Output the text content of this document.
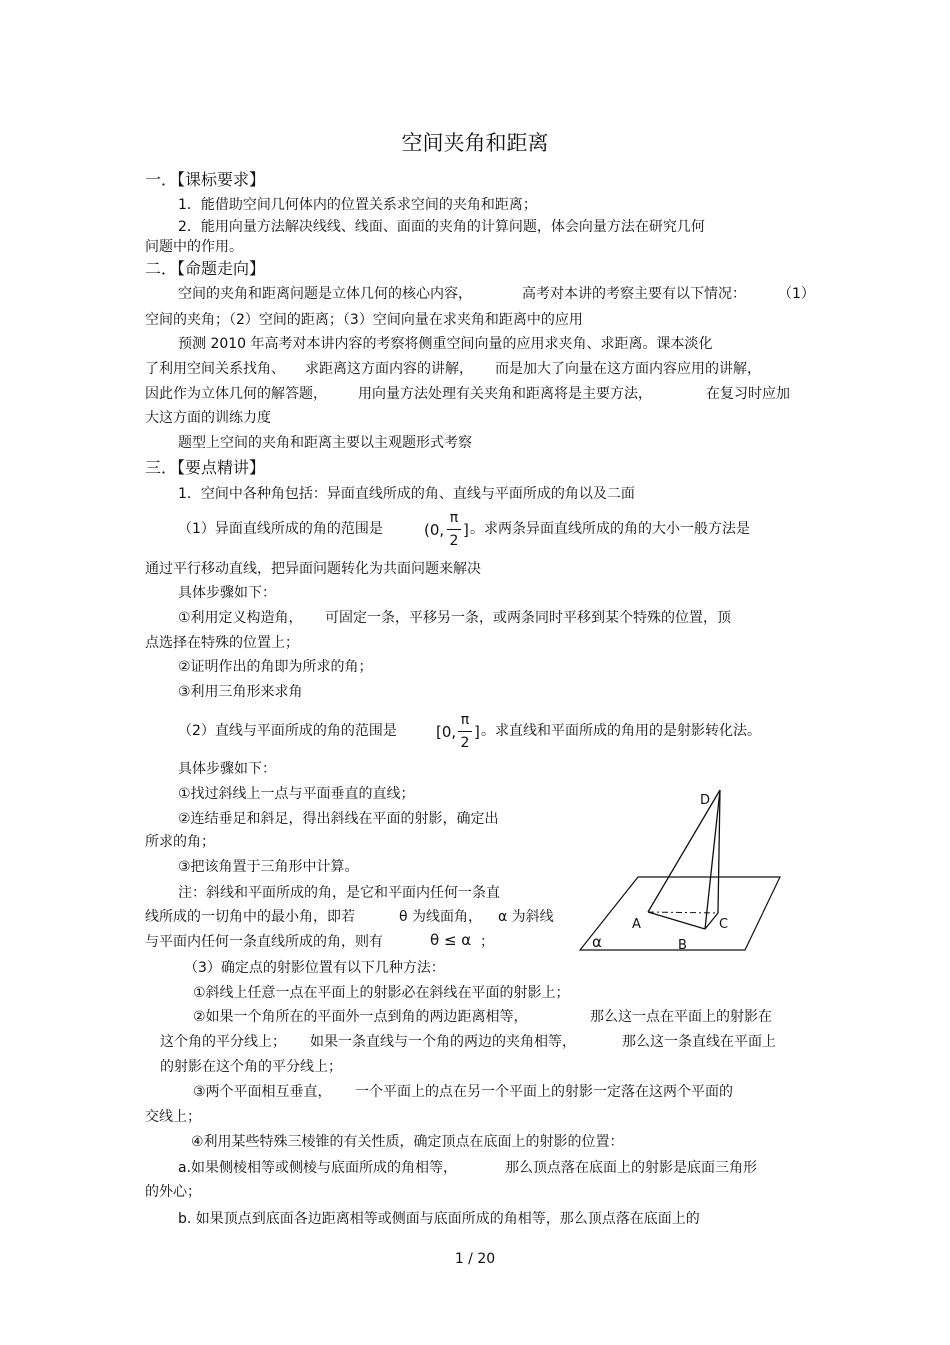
空间夹角和距离
一．【课标要求】
1．能借助空间几何体内的位置关系求空间的夹角和距离；
2．能用向量方法解决线线、线面、面面的夹角的计算问题，体会向量方法在研究几何
问题中的作用。
二．【命题走向】
空间的夹角和距离问题是立体几何的核心内容，	高考对本讲的考察主要有以下情况： （1）
空间的夹角；（2）空间的距离；（3）空间向量在求夹角和距离中的应用
预测 2010 年高考对本讲内容的考察将侧重空间向量的应用求夹角、求距离。课本淡化
了利用空间关系找角、 求距离这方面内容的讲解， 而是加大了向量在这方面内容应用的讲解，
因此作为立体几何的解答题， 用向量方法处理有关夹角和距离将是主要方法，	在复习时应加
大这方面的训练力度
题型上空间的夹角和距离主要以主观题形式考察
三．【要点精讲】
1．空间中各种角包括：异面直线所成的角、直线与平面所成的角以及二面
（1）异面直线所成的角的范围是	(0,
π
2
] 。求两条异面直线所成的角的大小一般方法是
通过平行移动直线，把异面问题转化为共面问题来解决
具体步骤如下：
①利用定义构造角， 可固定一条，平移另一条，或两条同时平移到某个特殊的位置，顶
点选择在特殊的位置上；
②证明作出的角即为所求的角；
③利用三角形来求角
（2）直线与平面所成的角的范围是	[0,
π
2
] 。求直线和平面所成的角用的是射影转化法。
具体步骤如下：
①找过斜线上一点与平面垂直的直线；
②连结垂足和斜足，得出斜线在平面的射影，确定出
所求的角；
③把该角置于三角形中计算。
注：斜线和平面所成的角，是它和平面内任何一条直
线所成的一切角中的最小角，即若	θ 为线面角， α 为斜线
与平面内任何一条直线所成的角，则有	θ ≤ α ；
D
A
B
C
α
（3）确定点的射影位置有以下几种方法：
①斜线上任意一点在平面上的射影必在斜线在平面的射影上；
②如果一个角所在的平面外一点到角的两边距离相等，	那么这一点在平面上的射影在
这个角的平分线上； 如果一条直线与一个角的两边的夹角相等，	那么这一条直线在平面上
的射影在这个角的平分线上；
③两个平面相互垂直， 一个平面上的点在另一个平面上的射影一定落在这两个平面的
交线上；
④利用某些特殊三棱锥的有关性质，确定顶点在底面上的射影的位置：
a.如果侧棱相等或侧棱与底面所成的角相等，	那么顶点落在底面上的射影是底面三角形
的外心；
b. 如果顶点到底面各边距离相等或侧面与底面所成的角相等，那么顶点落在底面上的
1 / 20
